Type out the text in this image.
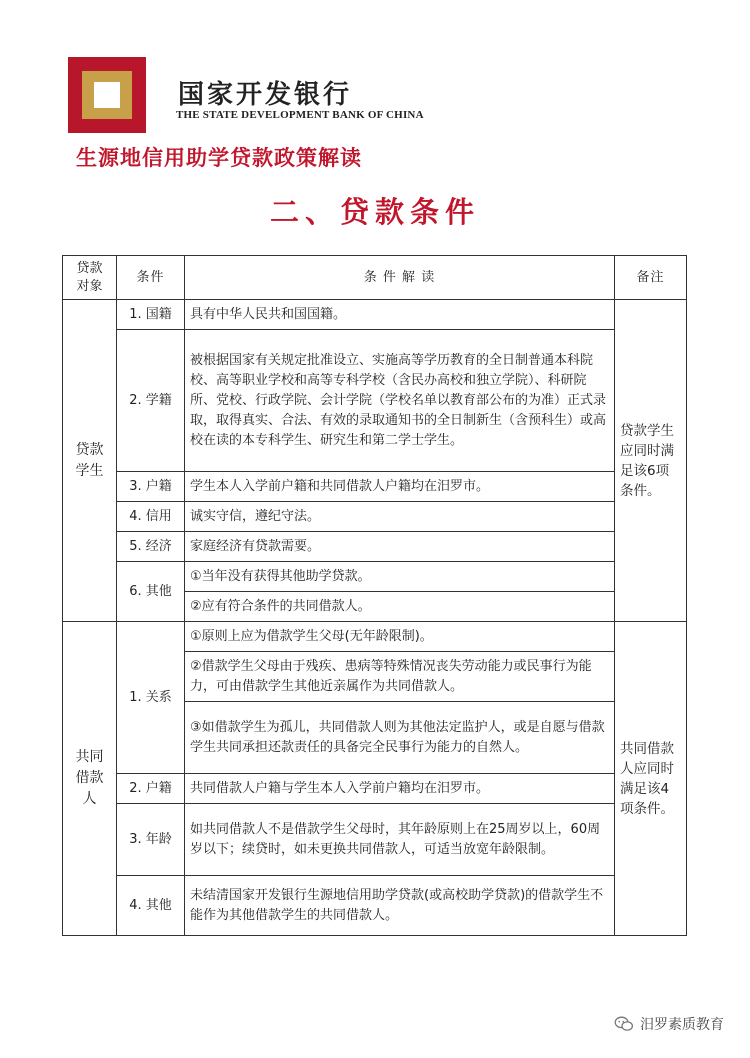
国家开发银行
THE STATE DEVELOPMENT BANK OF CHINA
生源地信用助学贷款政策解读
二、贷款条件
贷款
对象	条件	条 件 解 读	备注
贷款
学生	1. 国籍	具有中华人民共和国国籍。	贷款学生应同时满足该6项条件。
	2. 学籍	被根据国家有关规定批准设立、实施高等学历教育的全日制普通本科院校、高等职业学校和高等专科学校（含民办高校和独立学院）、科研院所、党校、行政学院、会计学院（学校名单以教育部公布的为准）正式录取，取得真实、合法、有效的录取通知书的全日制新生（含预科生）或高校在读的本专科学生、研究生和第二学士学生。	
	3. 户籍	学生本人入学前户籍和共同借款人户籍均在汨罗市。	
	4. 信用	诚实守信，遵纪守法。	
	5. 经济	家庭经济有贷款需要。	
	6. 其他	①当年没有获得其他助学贷款。	
		②应有符合条件的共同借款人。	
共同
借款
人	1. 关系	①原则上应为借款学生父母(无年龄限制)。	共同借款人应同时满足该4项条件。
		②借款学生父母由于残疾、患病等特殊情况丧失劳动能力或民事行为能力，可由借款学生其他近亲属作为共同借款人。	
		③如借款学生为孤儿，共同借款人则为其他法定监护人，或是自愿与借款学生共同承担还款责任的具备完全民事行为能力的自然人。	
	2. 户籍	共同借款人户籍与学生本人入学前户籍均在汨罗市。	
	3. 年龄	如共同借款人不是借款学生父母时，其年龄原则上在25周岁以上，60周岁以下；续贷时，如未更换共同借款人，可适当放宽年龄限制。	
	4. 其他	未结清国家开发银行生源地信用助学贷款(或高校助学贷款)的借款学生不能作为其他借款学生的共同借款人。	
汨罗素质教育
